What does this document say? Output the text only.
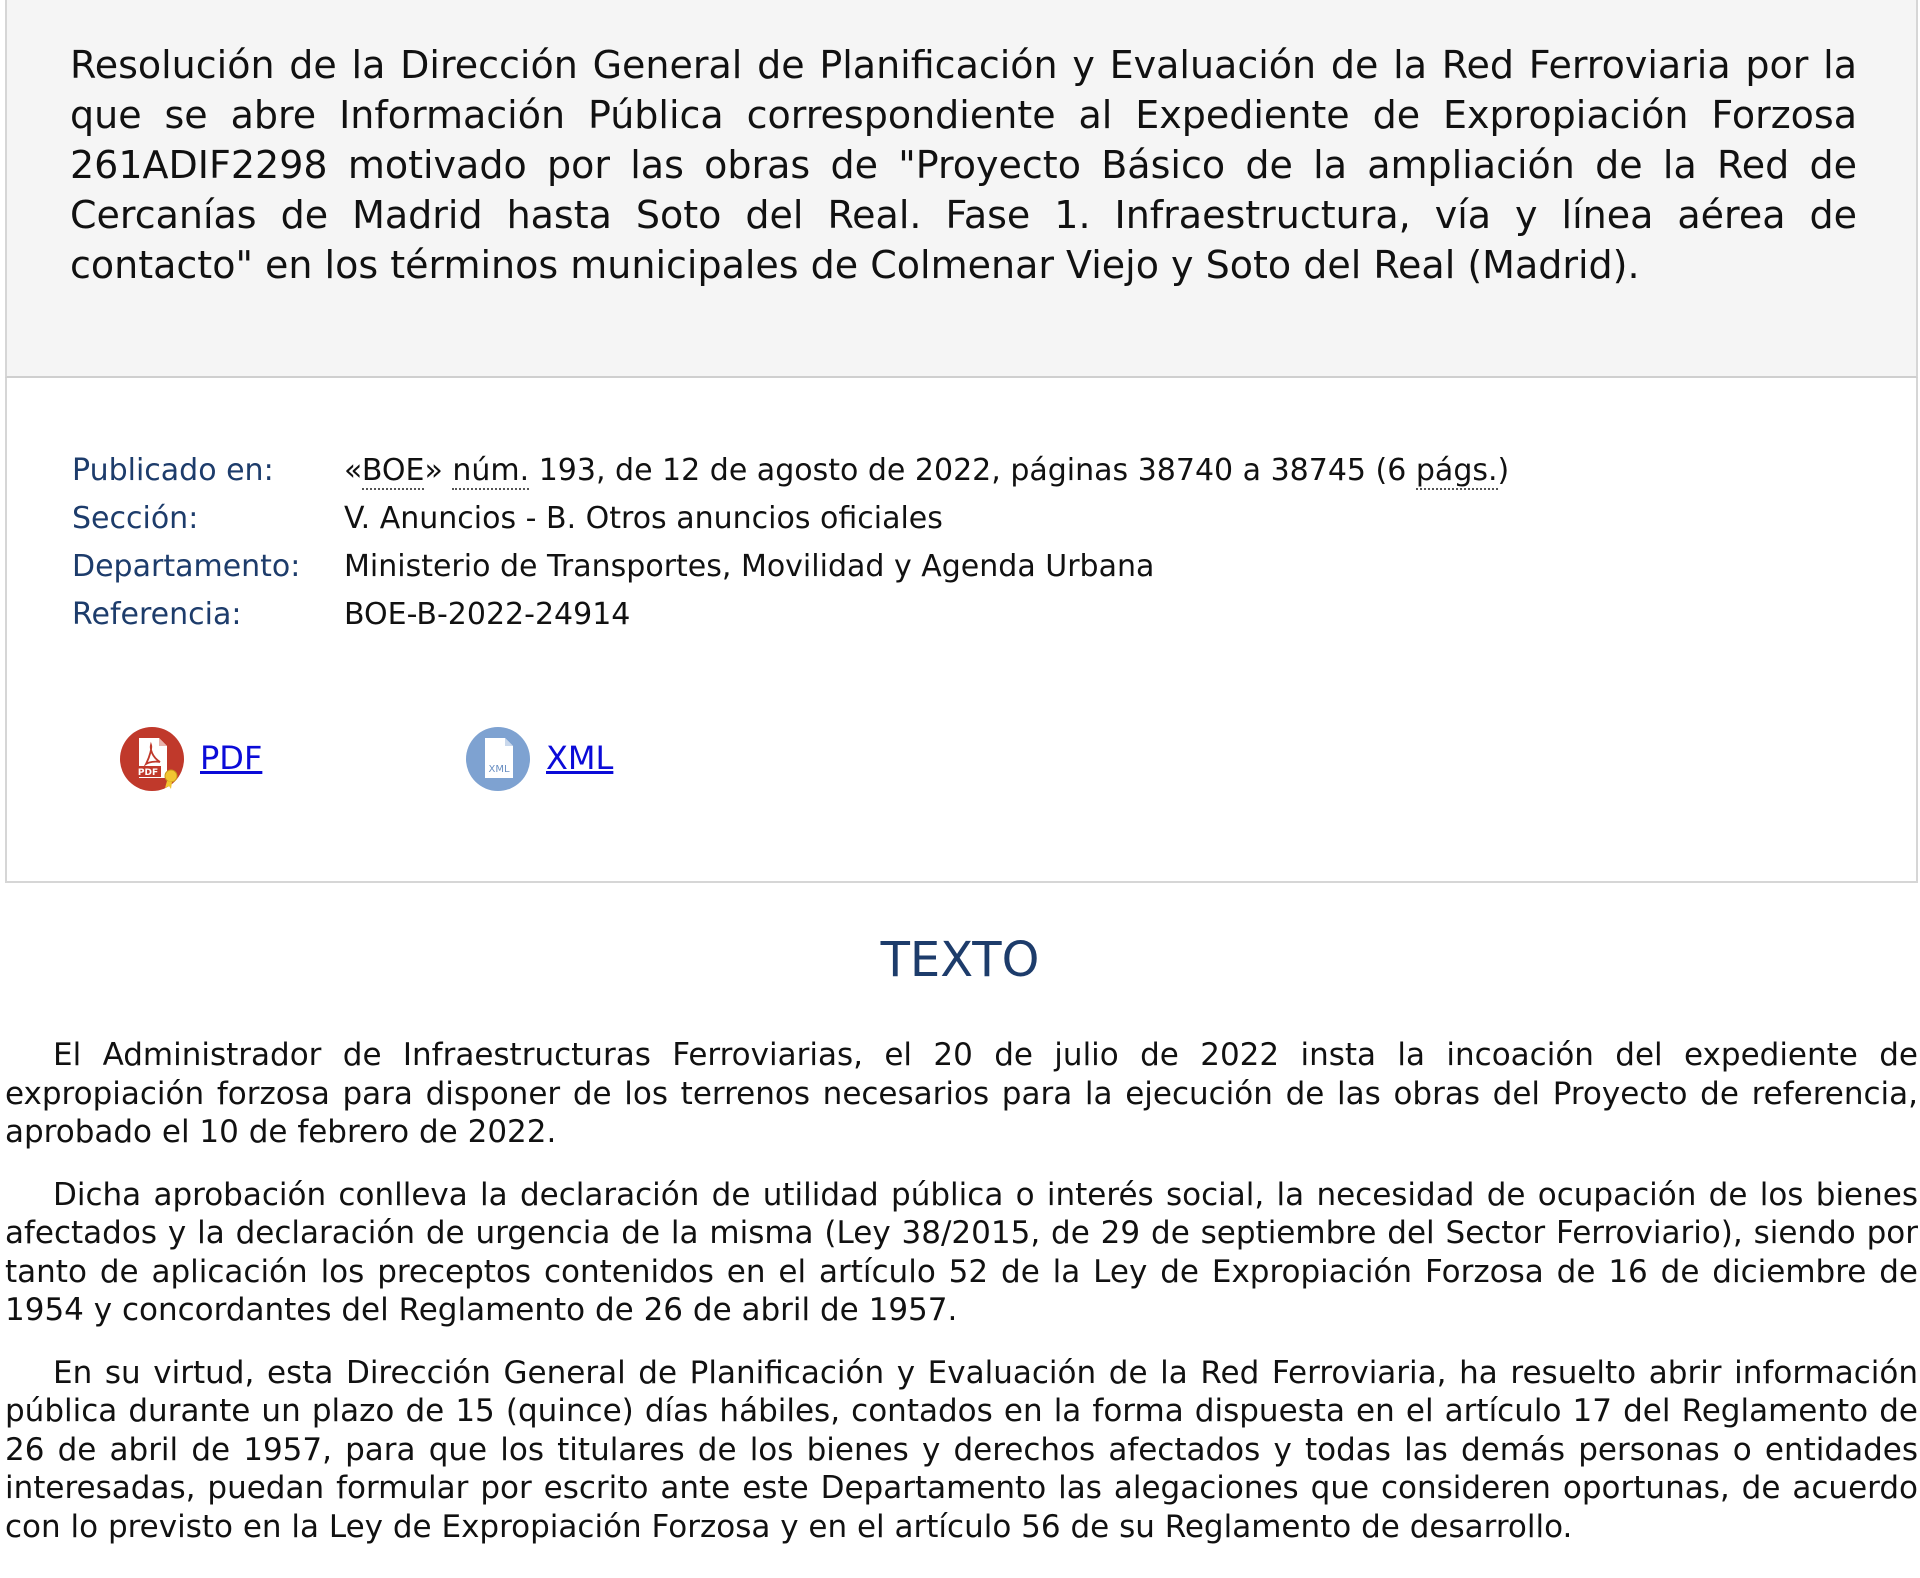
Resolución de la Dirección General de Planificación y Evaluación de la Red Ferroviaria por la que se abre Información Pública correspondiente al Expediente de Expropiación Forzosa 261ADIF2298 motivado por las obras de "Proyecto Básico de la ampliación de la Red de Cercanías de Madrid hasta Soto del Real. Fase 1. Infraestructura, vía y línea aérea de contacto" en los términos municipales de Colmenar Viejo y Soto del Real (Madrid).
Publicado en: «BOE» núm. 193, de 12 de agosto de 2022, páginas 38740 a 38745 (6 págs.)
Sección:	V. Anuncios - B. Otros anuncios oficiales
Departamento: Ministerio de Transportes, Movilidad y Agenda Urbana
Referencia:	BOE-B-2022-24914
PDF PDF	XML XML
TEXTO

El Administrador de Infraestructuras Ferroviarias, el 20 de julio de 2022 insta la incoación del expediente de expropiación forzosa para disponer de los terrenos necesarios para la ejecución de las obras del Proyecto de referencia, aprobado el 10 de febrero de 2022.

Dicha aprobación conlleva la declaración de utilidad pública o interés social, la necesidad de ocupación de los bienes afectados y la declaración de urgencia de la misma (Ley 38/2015, de 29 de septiembre del Sector Ferroviario), siendo por tanto de aplicación los preceptos contenidos en el artículo 52 de la Ley de Expropiación Forzosa de 16 de diciembre de 1954 y concordantes del Reglamento de 26 de abril de 1957.

En su virtud, esta Dirección General de Planificación y Evaluación de la Red Ferroviaria, ha resuelto abrir información pública durante un plazo de 15 (quince) días hábiles, contados en la forma dispuesta en el artículo 17 del Reglamento de 26 de abril de 1957, para que los titulares de los bienes y derechos afectados y todas las demás personas o entidades interesadas, puedan formular por escrito ante este Departamento las alegaciones que consideren oportunas, de acuerdo con lo previsto en la Ley de Expropiación Forzosa y en el artículo 56 de su Reglamento de desarrollo.
